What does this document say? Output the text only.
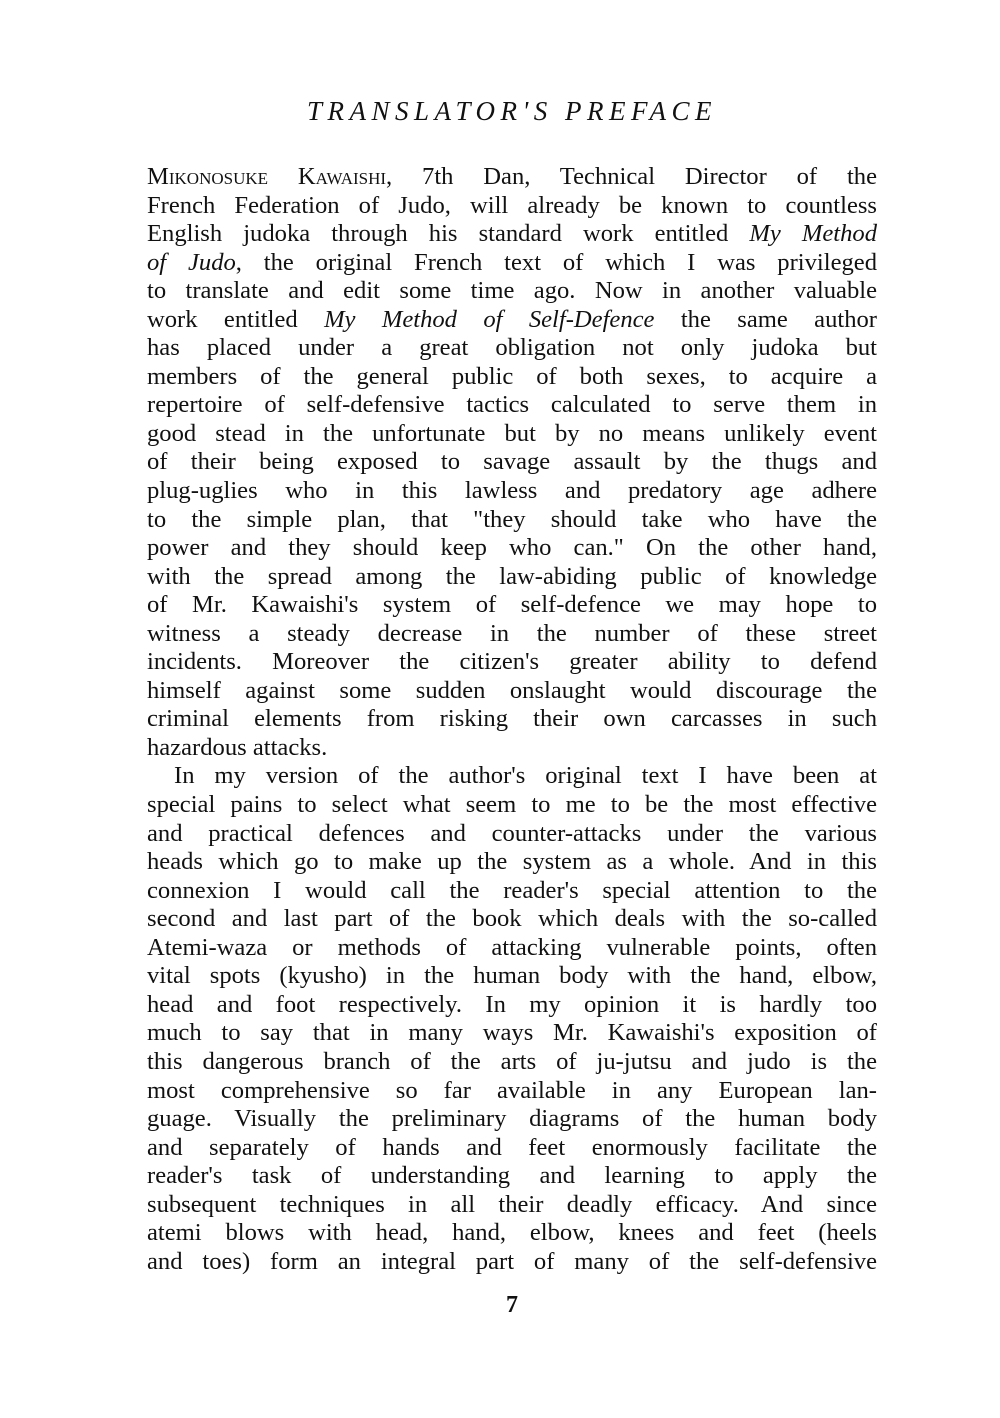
TRANSLATOR'S PREFACE
Mikonosuke Kawaishi, 7th Dan, Technical Director of the
French Federation of Judo, will already be known to countless
English judoka through his standard work entitled My Method
of Judo, the original French text of which I was privileged
to translate and edit some time ago. Now in another valuable
work entitled My Method of Self-Defence the same author
has placed under a great obligation not only judoka but
members of the general public of both sexes, to acquire a
repertoire of self-defensive tactics calculated to serve them in
good stead in the unfortunate but by no means unlikely event
of their being exposed to savage assault by the thugs and
plug-uglies who in this lawless and predatory age adhere
to the simple plan, that "they should take who have the
power and they should keep who can." On the other hand,
with the spread among the law-abiding public of knowledge
of Mr. Kawaishi's system of self-defence we may hope to
witness a steady decrease in the number of these street
incidents. Moreover the citizen's greater ability to defend
himself against some sudden onslaught would discourage the
criminal elements from risking their own carcasses in such
hazardous attacks.
In my version of the author's original text I have been at
special pains to select what seem to me to be the most effective
and practical defences and counter-attacks under the various
heads which go to make up the system as a whole. And in this
connexion I would call the reader's special attention to the
second and last part of the book which deals with the so-called
Atemi-waza or methods of attacking vulnerable points, often
vital spots (kyusho) in the human body with the hand, elbow,
head and foot respectively. In my opinion it is hardly too
much to say that in many ways Mr. Kawaishi's exposition of
this dangerous branch of the arts of ju-jutsu and judo is the
most comprehensive so far available in any European lan-
guage. Visually the preliminary diagrams of the human body
and separately of hands and feet enormously facilitate the
reader's task of understanding and learning to apply the
subsequent techniques in all their deadly efficacy. And since
atemi blows with head, hand, elbow, knees and feet (heels
and toes) form an integral part of many of the self-defensive
7
